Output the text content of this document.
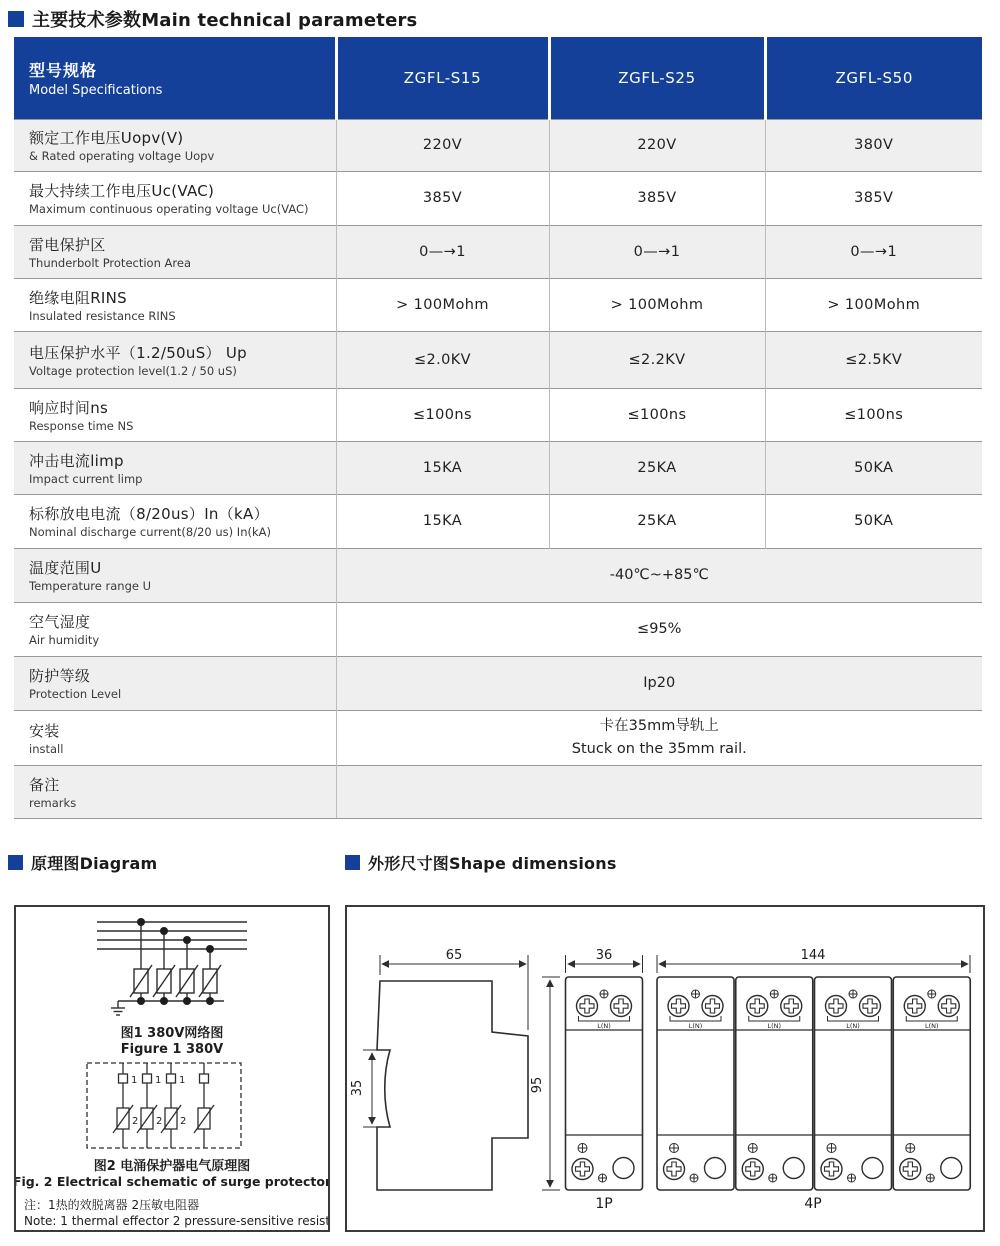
主要技术参数Main technical parameters
型号规格
Model Specifications	ZGFL-S15	ZGFL-S25	ZGFL-S50

额定工作电压Uopv(V)
& Rated operating voltage Uopv	220V	220V	380V

最大持续工作电压Uc(VAC)
Maximum continuous operating voltage Uc(VAC)	385V	385V	385V

雷电保护区
Thunderbolt Protection Area	0—→1	0—→1	0—→1

绝缘电阻RINS
Insulated resistance RINS	> 100Mohm	> 100Mohm	> 100Mohm

电压保护水平（1.2/50uS） Up
Voltage protection level(1.2 / 50 uS)	≤2.0KV	≤2.2KV	≤2.5KV

响应时间ns
Response time NS	≤100ns	≤100ns	≤100ns

冲击电流limp
Impact current limp	15KA	25KA	50KA

标称放电电流（8/20us）In（kA）
Nominal discharge current(8/20 us) In(kA)	15KA	25KA	50KA

温度范围U
Temperature range U	-40℃~+85℃		

空气湿度
Air humidity	≤95%		

防护等级
Protection Level	Ip20		

安装
install	卡在35mm导轨上
Stuck on the 35mm rail.		

备注
remarks			

原理图Diagram	外形尺寸图Shape dimensions
图1 380V网络图
Figure 1 380V
1 1 1
2 2 2
图2 电涌保护器电气原理图
Fig. 2 Electrical schematic of surge protector
注：1热的效脱离器 2压敏电阻器
Note: 1 thermal effector 2 pressure-sensitive resistor
L(N)	65
35	95
36	144
1P	4P
